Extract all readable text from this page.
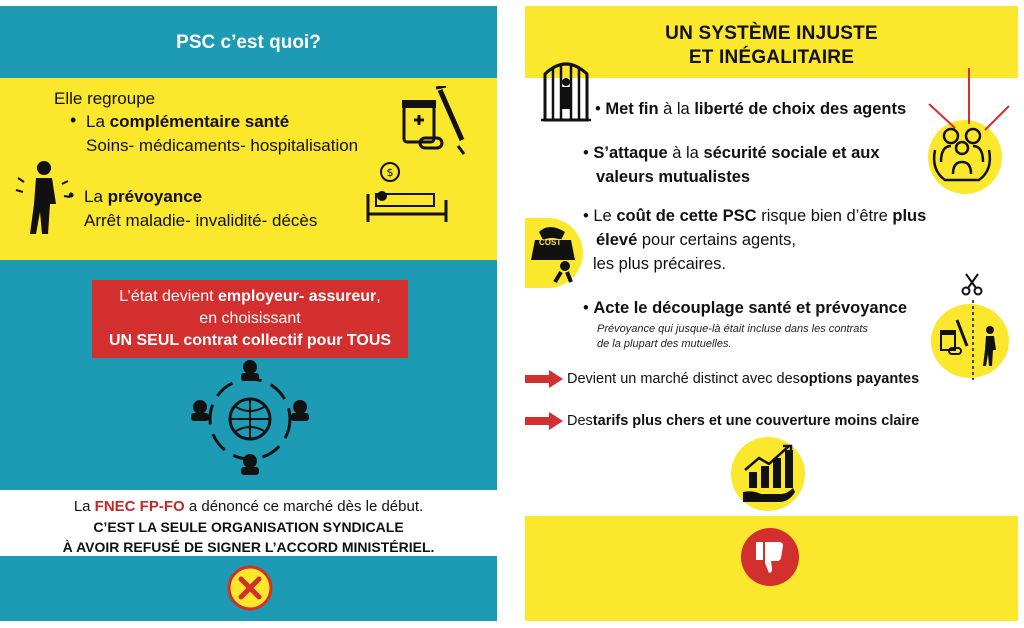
PSC c’est quoi?
Elle regroupe
• La complémentaire santé
Soins- médicaments- hospitalisation
• La prévoyance
Arrêt maladie- invalidité- décès
$
L’état devient employeur- assureur,
en choisissant
UN SEUL contrat collectif pour TOUS
La FNEC FP-FO a dénoncé ce marché dès le début.
C’EST LA SEULE ORGANISATION SYNDICALE
À AVOIR REFUSÉ DE SIGNER L’ACCORD MINISTÉRIEL.
UN SYSTÈME INJUSTE
ET INÉGALITAIRE
• Met fin à la liberté de choix des agents
• S’attaque à la sécurité sociale et aux
valeurs mutualistes
COST
• Le coût de cette PSC risque bien d’être plus
élevé pour certains agents,
les plus précaires.
• Acte le découplage santé et prévoyance
Prévoyance qui jusque-là était incluse dans les contrats
de la plupart des mutuelles.
Devient un marché distinct avec des options payantes
Des tarifs plus chers et une couverture moins claire
